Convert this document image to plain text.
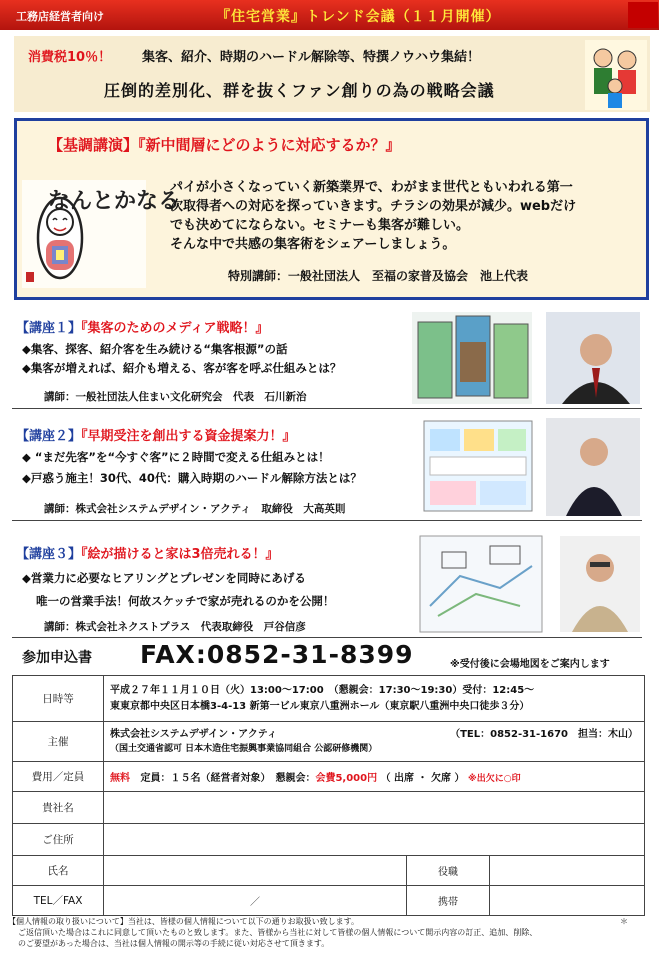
工務店経営者向け	『住宅営業』トレンド会議（１１月開催）
消費税10％！ 集客、紹介、時期のハードル解除等、特撰ノウハウ集結！
圧倒的差別化、群を抜くファン創りの為の戦略会議
【基調講演】『新中間層にどのように対応するか？』
なんとかなる
パイが小さくなっていく新築業界で、わがまま世代ともいわれる第一
次取得者への対応を探っていきます。チラシの効果が減少。webだけ
でも決めてにならない。セミナーも集客が難しい。
そんな中で共感の集客術をシェアーしましょう。
特別講師：一般社団法人　至福の家普及協会　池上代表
【講座１】『集客のためのメディア戦略！』
◆集客、探客、紹介客を生み続ける“集客根源”の話
◆集客が増えれば、紹介も増える、客が客を呼ぶ仕組みとは？
講師：一般社団法人住まい文化研究会　代表　石川新治
【講座２】『早期受注を創出する資金提案力！』
◆ “まだ先客”を“今すぐ客”に２時間で変える仕組みとは！
◆戸惑う施主！30代、40代：購入時期のハードル解除方法とは？
講師：株式会社システムデザイン・アクティ　取締役　大高英則
【講座３】『絵が描けると家は3倍売れる！』
◆営業力に必要なヒアリングとプレゼンを同時にあげる
唯一の営業手法！何故スケッチで家が売れるのかを公開！
講師：株式会社ネクストプラス　代表取締役　戸谷信彦
参加申込書 FAX:0852-31-8399	※受付後に会場地図をご案内します
日時等	平成２７年１１月１０日（火）13:00～17:00　（懇親会：17:30～19:30）受付：12:45～
東東京都中央区日本橋3-4-13 新第一ビル東京八重洲ホール（東京駅八重洲中央口徒歩３分）		

主催	株式会社システムデザイン・アクティ （TEL：0852-31-1670　担当：木山）
（国土交通省認可 日本木造住宅振興事業協同組合 公認研修機関）		

費用／定員	無料 定員：１５名（経営者対象）　懇親会：会費5,000円 （ 出席 ・ 欠席 ） ※出欠に○印		
貴社名			
ご住所			
氏名		役職	
TEL／FAX	／	携帯	
【個人情報の取り扱いについて】当社は、皆様の個人情報について以下の通りお取扱い致します。	＊
ご返信頂いた場合はこれに同意して頂いたものと致します。また、皆様から当社に対して皆様の個人情報について開示内容の訂正、追加、削除、
のご要望があった場合は、当社は個人情報の開示等の手続に従い対応させて頂きます。
